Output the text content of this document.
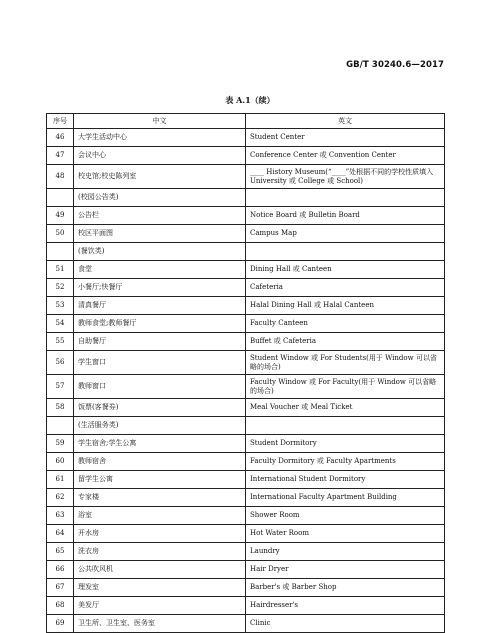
GB/T 30240.6—2017
表 A.1（续）
序号	中文	英文
46	大学生活动中心	Student Center
47	会议中心	Conference Center 或 Convention Center
48	校史馆;校史陈列室	____ History Museum(“____”处根据不同的学校性质填入 University 或 College 或 School)
	(校园公告类)	
49	公告栏	Notice Board 或 Bulletin Board
50	校区平面图	Campus Map
	(餐饮类)	
51	食堂	Dining Hall 或 Canteen
52	小餐厅;快餐厅	Cafeteria
53	清真餐厅	Halal Dining Hall 或 Halal Canteen
54	教师食堂;教师餐厅	Faculty Canteen
55	自助餐厅	Buffet 或 Cafeteria
56	学生窗口	Student Window 或 For Students(用于 Window 可以省略的场合)
57	教师窗口	Faculty Window 或 For Faculty(用于 Window 可以省略的场合)
58	饭票(客餐券)	Meal Voucher 或 Meal Ticket
	(生活服务类)	
59	学生宿舍;学生公寓	Student Dormitory
60	教师宿舍	Faculty Dormitory 或 Faculty Apartments
61	留学生公寓	International Student Dormitory
62	专家楼	International Faculty Apartment Building
63	浴室	Shower Room
64	开水房	Hot Water Room
65	洗衣房	Laundry
66	公共吹风机	Hair Dryer
67	理发室	Barber's 或 Barber Shop
68	美发厅	Hairdresser's
69	卫生所、卫生室、医务室	Clinic
